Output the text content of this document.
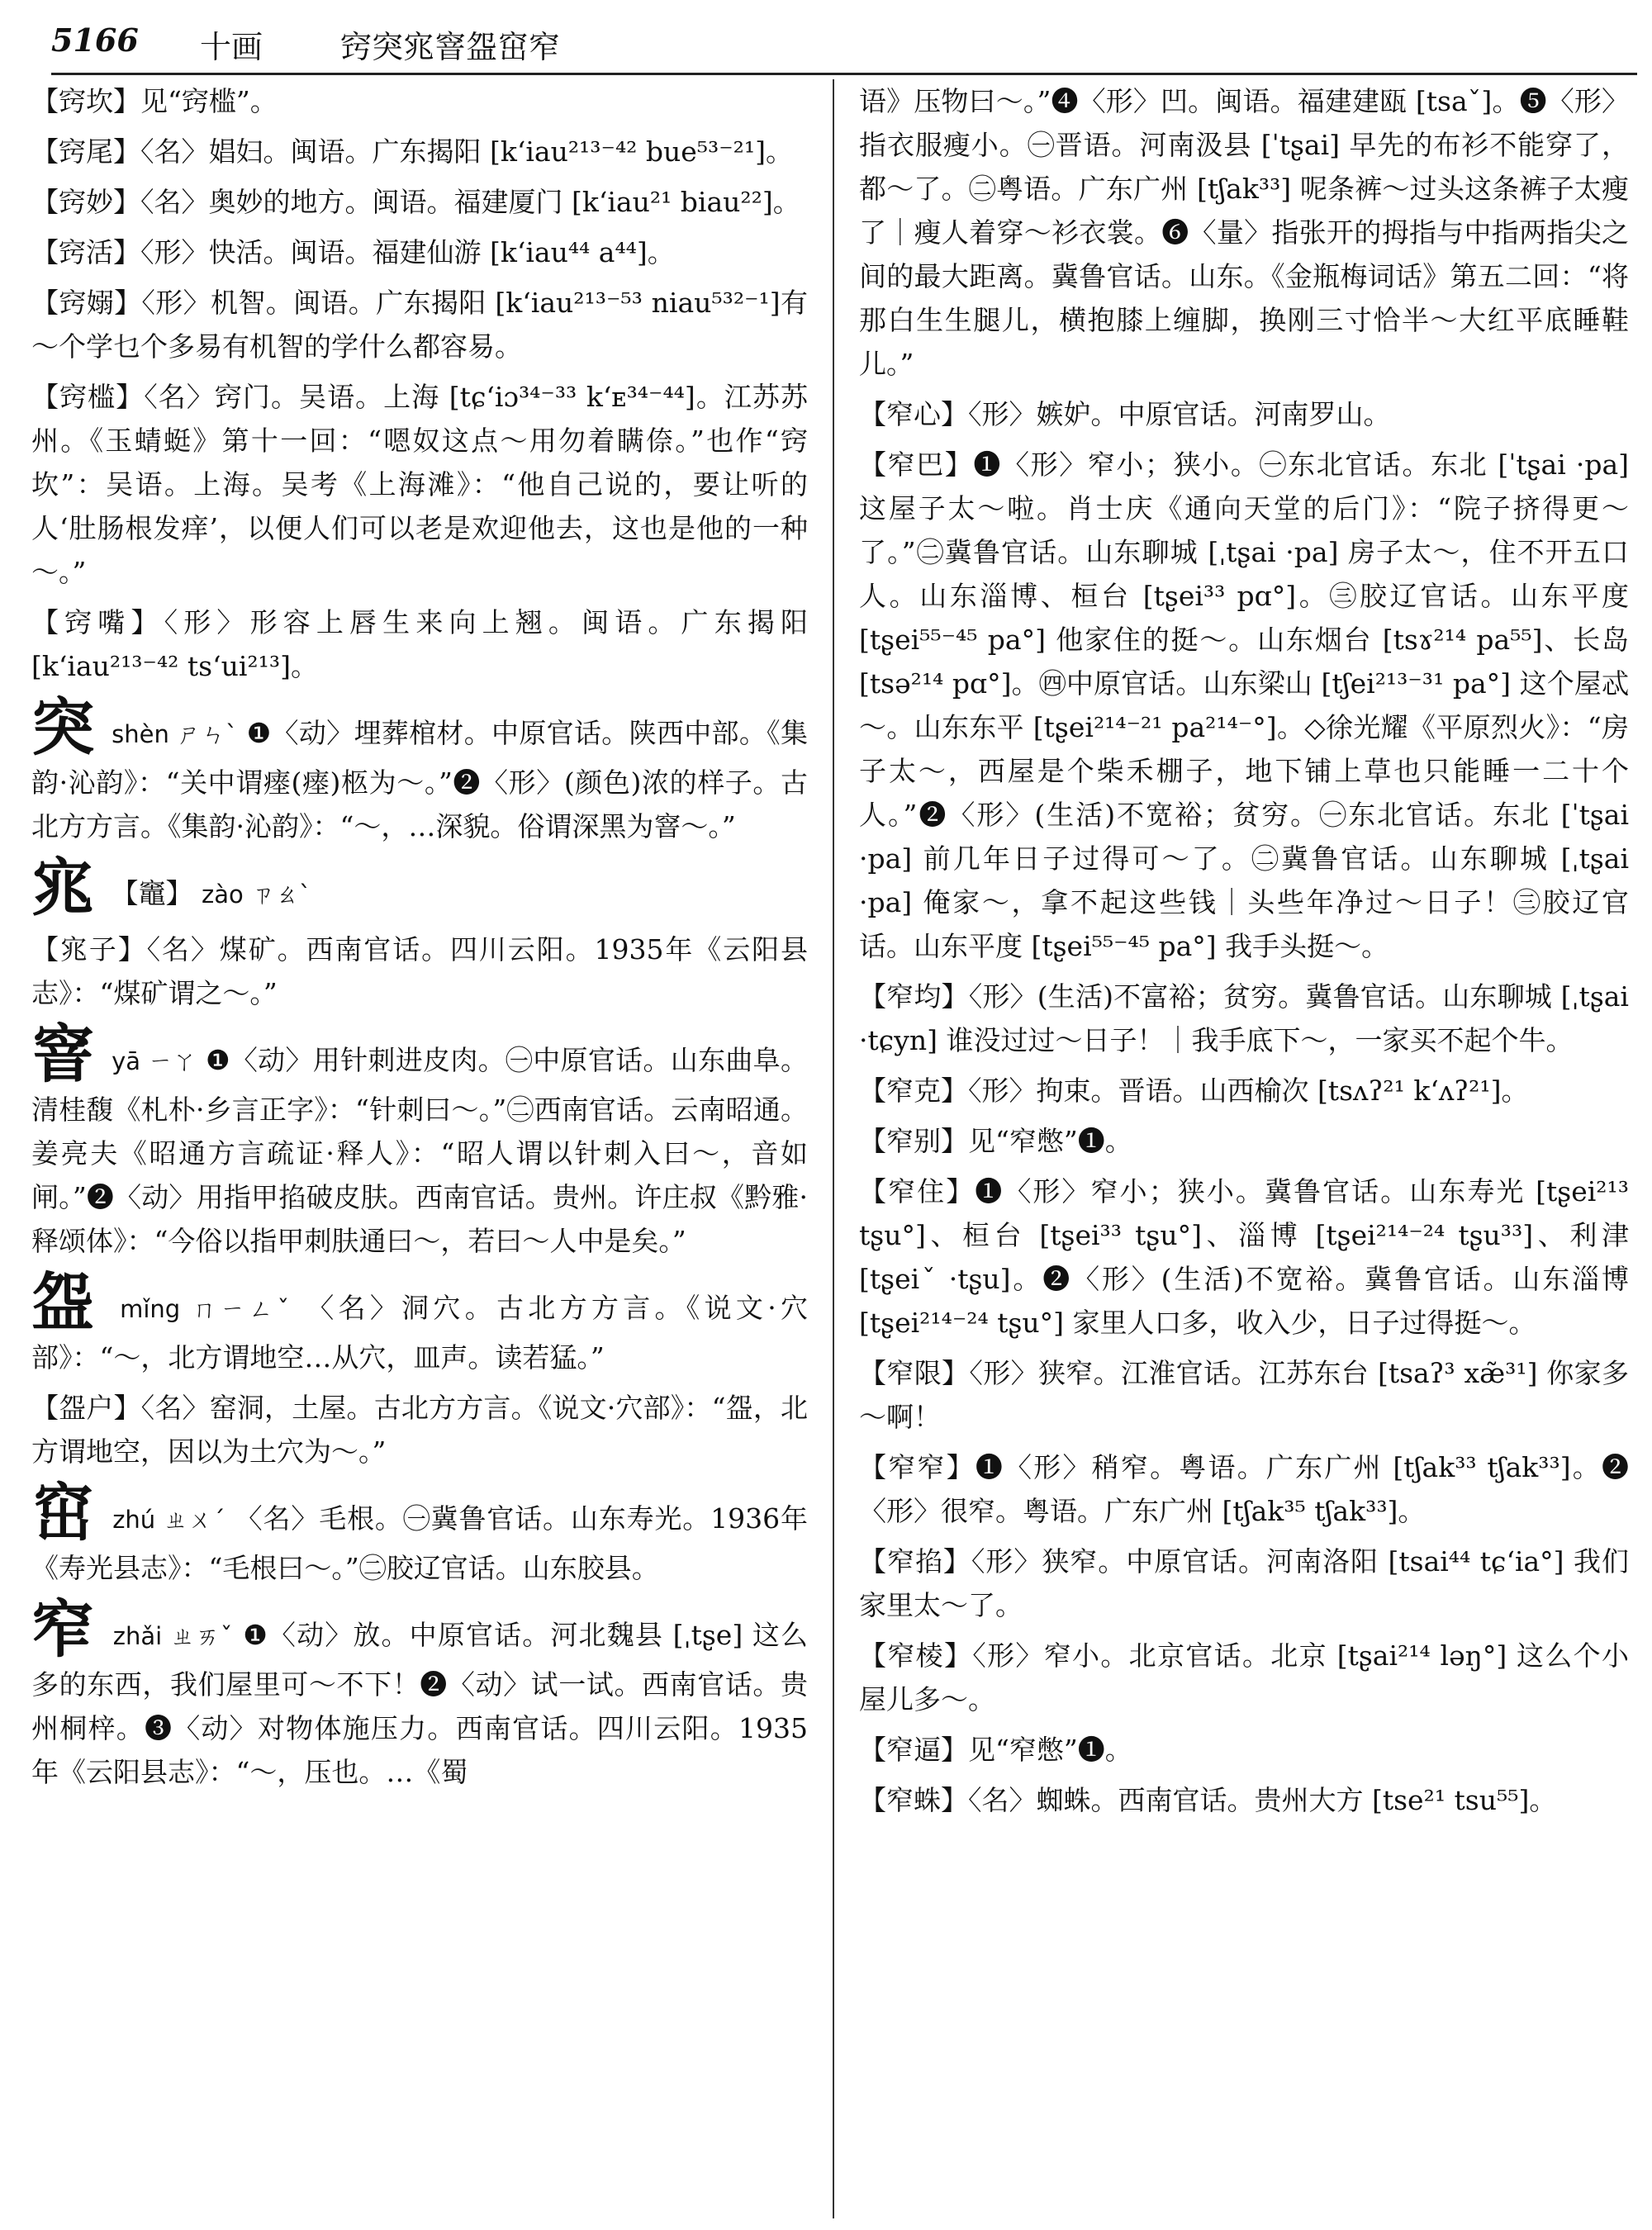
5166 十画 窍突宨窨盌窋窄

【窍坎】见“窍槛”。

【窍尾】〈名〉娼妇。闽语。广东揭阳 [k‘iau²¹³⁻⁴² bue⁵³⁻²¹]。

【窍妙】〈名〉奥妙的地方。闽语。福建厦门 [k‘iau²¹ biau²²]。

【窍活】〈形〉快活。闽语。福建仙游 [k‘iau⁴⁴ a⁴⁴]。

【窍嫋】〈形〉机智。闽语。广东揭阳 [k‘iau²¹³⁻⁵³ niau⁵³²⁻¹]有～个学乜个多易有机智的学什么都容易。

【窍槛】〈名〉窍门。吴语。上海 [tɕ‘iɔ³⁴⁻³³ k‘ᴇ³⁴⁻⁴⁴]。江苏苏州。《玉蜻蜓》第十一回：“嗯奴这点～用勿着瞒倷。”也作“窍坎”：吴语。上海。吴考《上海滩》：“他自己说的，要让听的人‘肚肠根发痒’，以便人们可以老是欢迎他去，这也是他的一种～。”

【窍嘴】〈形〉形容上唇生来向上翘。闽语。广东揭阳 [k‘iau²¹³⁻⁴² ts‘ui²¹³]。

突 shèn ㄕㄣˋ ❶〈动〉埋葬棺材。中原官话。陕西中部。《集韵·沁韵》：“关中谓瘗(瘗)柩为～。”❷〈形〉(颜色)浓的样子。古北方方言。《集韵·沁韵》：“～，…深貌。俗谓深黑为窨～。”

宨 【竈】 zào ㄗㄠˋ

【宨子】〈名〉煤矿。西南官话。四川云阳。1935年《云阳县志》：“煤矿谓之～。”

窨 yā ㄧㄚ ❶〈动〉用针刺进皮肉。㊀中原官话。山东曲阜。清桂馥《札朴·乡言正字》：“针刺曰～。”㊁西南官话。云南昭通。姜亮夫《昭通方言疏证·释人》：“昭人谓以针刺入曰～，音如闸。”❷〈动〉用指甲掐破皮肤。西南官话。贵州。许庄叔《黔雅·释颂体》：“今俗以指甲刺肤通曰～，若曰～人中是矣。”

盌 mǐng ㄇㄧㄥˇ 〈名〉洞穴。古北方方言。《说文·穴部》：“～，北方谓地空…从穴，皿声。读若猛。”

【盌户】〈名〉窑洞，土屋。古北方方言。《说文·穴部》：“盌，北方谓地空，因以为土穴为～。”

窋 zhú ㄓㄨˊ 〈名〉毛根。㊀冀鲁官话。山东寿光。1936年《寿光县志》：“毛根曰～。”㊁胶辽官话。山东胶县。

窄 zhǎi ㄓㄞˇ ❶〈动〉放。中原官话。河北魏县 [ˌtʂe] 这么多的东西，我们屋里可～不下！❷〈动〉试一试。西南官话。贵州桐梓。❸〈动〉对物体施压力。西南官话。四川云阳。1935年《云阳县志》：“～，压也。…《蜀

语》压物曰～。”❹〈形〉凹。闽语。福建建瓯 [tsaˇ]。❺〈形〉指衣服瘦小。㊀晋语。河南汲县 [ˈtʂai] 早先的布衫不能穿了，都～了。㊁粤语。广东广州 [tʃak³³] 呢条裤～过头这条裤子太瘦了｜瘦人着穿～衫衣裳。❻〈量〉指张开的拇指与中指两指尖之间的最大距离。冀鲁官话。山东。《金瓶梅词话》第五二回：“将那白生生腿儿，横抱膝上缠脚，换刚三寸恰半～大红平底睡鞋儿。”

【窄心】〈形〉嫉妒。中原官话。河南罗山。

【窄巴】❶〈形〉窄小；狭小。㊀东北官话。东北 [ˈtʂai ·pa] 这屋子太～啦。肖士庆《通向天堂的后门》：“院子挤得更～了。”㊁冀鲁官话。山东聊城 [ˌtʂai ·pa] 房子太～，住不开五口人。山东淄博、桓台 [tʂei³³ pɑ°]。㊂胶辽官话。山东平度 [tʂei⁵⁵⁻⁴⁵ pa°] 他家住的挺～。山东烟台 [tsɤ²¹⁴ pa⁵⁵]、长岛 [tsə²¹⁴ pɑ°]。㊃中原官话。山东梁山 [tʃei²¹³⁻³¹ pa°] 这个屋忒～。山东东平 [tʂei²¹⁴⁻²¹ pa²¹⁴⁻°]。◇徐光耀《平原烈火》：“房子太～，西屋是个柴禾棚子，地下铺上草也只能睡一二十个人。”❷〈形〉(生活)不宽裕；贫穷。㊀东北官话。东北 [ˈtʂai ·pa] 前几年日子过得可～了。㊁冀鲁官话。山东聊城 [ˌtʂai ·pa] 俺家～，拿不起这些钱｜头些年净过～日子！㊂胶辽官话。山东平度 [tʂei⁵⁵⁻⁴⁵ pa°] 我手头挺～。

【窄均】〈形〉(生活)不富裕；贫穷。冀鲁官话。山东聊城 [ˌtʂai ·tɕyn] 谁没过过～日子！｜我手底下～，一家买不起个牛。

【窄克】〈形〉拘束。晋语。山西榆次 [tsʌʔ²¹ k‘ʌʔ²¹]。

【窄别】见“窄憋”❶。

【窄住】❶〈形〉窄小；狭小。冀鲁官话。山东寿光 [tʂei²¹³ tʂu°]、桓台 [tʂei³³ tʂu°]、淄博 [tʂei²¹⁴⁻²⁴ tʂu³³]、利津 [tʂeiˇ ·tʂu]。❷〈形〉(生活)不宽裕。冀鲁官话。山东淄博 [tʂei²¹⁴⁻²⁴ tʂu°] 家里人口多，收入少，日子过得挺～。

【窄限】〈形〉狭窄。江淮官话。江苏东台 [tsaʔ³ xæ̃³¹] 你家多～啊！

【窄窄】❶〈形〉稍窄。粤语。广东广州 [tʃak³³ tʃak³³]。❷〈形〉很窄。粤语。广东广州 [tʃak³⁵ tʃak³³]。

【窄掐】〈形〉狭窄。中原官话。河南洛阳 [tsai⁴⁴ tɕ‘ia°] 我们家里太～了。

【窄棱】〈形〉窄小。北京官话。北京 [tʂai²¹⁴ ləŋ°] 这么个小屋儿多～。

【窄逼】见“窄憋”❶。

【窄蛛】〈名〉蜘蛛。西南官话。贵州大方 [tse²¹ tsu⁵⁵]。
